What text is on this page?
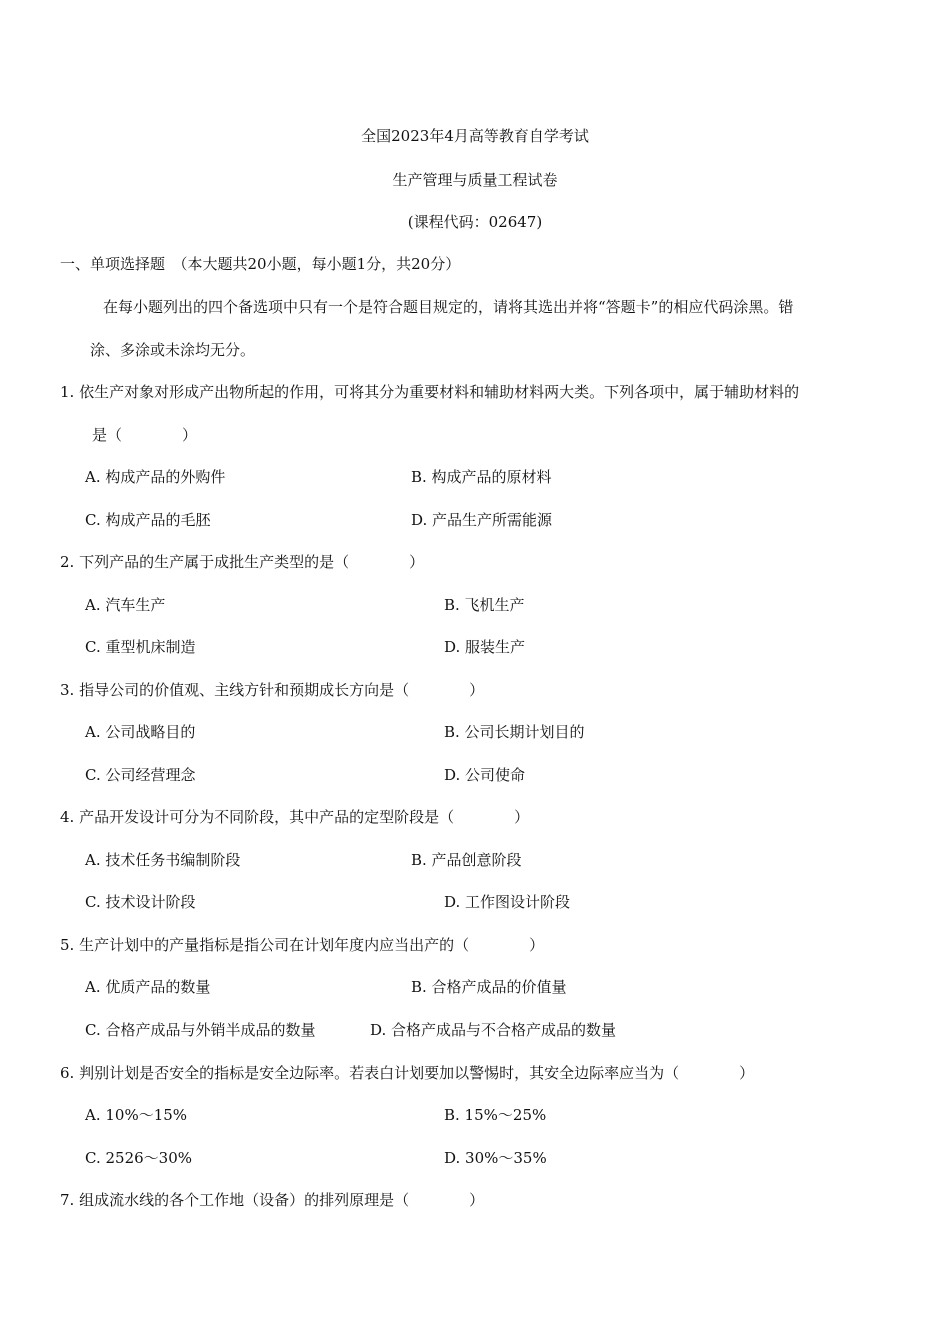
全国2023年4月高等教育自学考试
生产管理与质量工程试卷
(课程代码：02647)
一、单项选择题　（本大题共20小题，每小题1分，共20分）
在每小题列出的四个备选项中只有一个是符合题目规定的，请将其选出并将“答题卡”的相应代码涂黑。错
涂、多涂或未涂均无分。
1. 依生产对象对形成产出物所起的作用，可将其分为重要材料和辅助材料两大类。下列各项中，属于辅助材料的
是（　　　　）
A. 构成产品的外购件	B. 构成产品的原材料
C. 构成产品的毛胚	D. 产品生产所需能源
2. 下列产品的生产属于成批生产类型的是（　　　　）
A. 汽车生产	B. 飞机生产
C. 重型机床制造	D. 服装生产
3. 指导公司的价值观、主线方针和预期成长方向是（　　　　）
A. 公司战略目的	B. 公司长期计划目的
C. 公司经营理念	D. 公司使命
4. 产品开发设计可分为不同阶段，其中产品的定型阶段是（　　　　）
A. 技术任务书编制阶段	B. 产品创意阶段
C. 技术设计阶段	D. 工作图设计阶段
5. 生产计划中的产量指标是指公司在计划年度内应当出产的（　　　　）
A. 优质产品的数量	B. 合格产成品的价值量
C. 合格产成品与外销半成品的数量	D. 合格产成品与不合格产成品的数量
6. 判别计划是否安全的指标是安全边际率。若表白计划要加以警惕时，其安全边际率应当为（　　　　）
A. 10%～15%	B. 15%～25%
C. 2526～30%	D. 30%～35%
7. 组成流水线的各个工作地（设备）的排列原理是（　　　　）
